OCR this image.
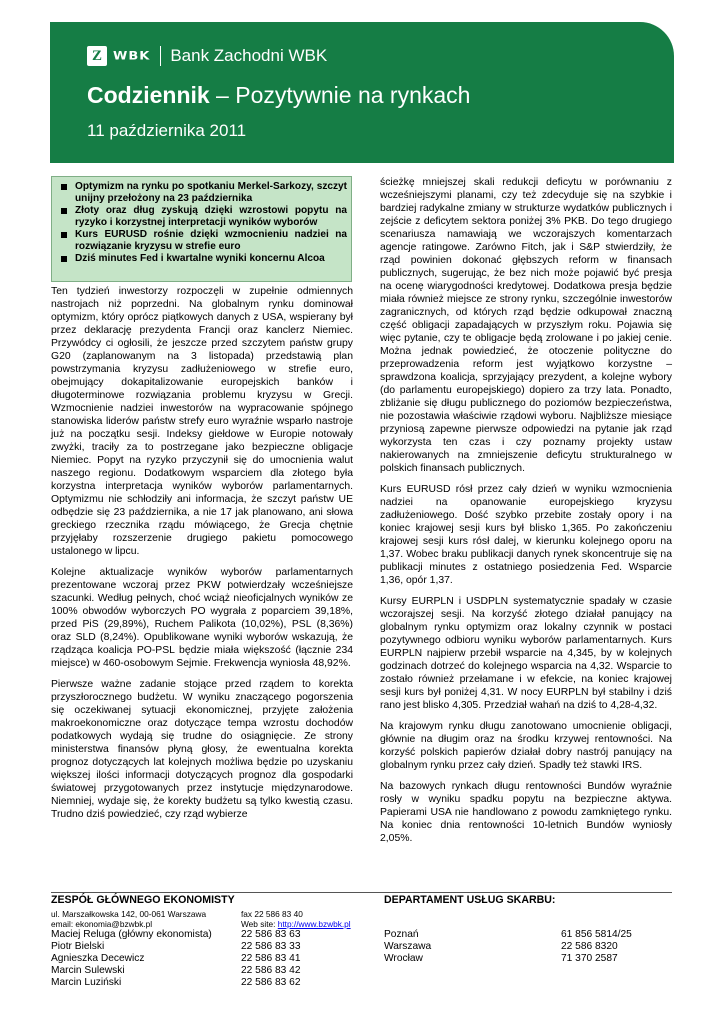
Z WBK Bank Zachodni WBK
Codziennik – Pozytywnie na rynkach
11 października 2011
Optymizm na rynku po spotkaniu Merkel-Sarkozy, szczyt unijny przełożony na 23 października
Złoty oraz dług zyskują dzięki wzrostowi popytu na ryzyko i korzystnej interpretacji wyników wyborów
Kurs EURUSD rośnie dzięki wzmocnieniu nadziei na rozwiązanie kryzysu w strefie euro
Dziś minutes Fed i kwartalne wyniki koncernu Alcoa

Ten tydzień inwestorzy rozpoczęli w zupełnie odmiennych nastrojach niż poprzedni. Na globalnym rynku dominował optymizm, który oprócz piątkowych danych z USA, wspierany był przez deklarację prezydenta Francji oraz kanclerz Niemiec. Przywódcy ci ogłosili, że jeszcze przed szczytem państw grupy G20 (zaplanowanym na 3 listopada) przedstawią plan powstrzymania kryzysu zadłużeniowego w strefie euro, obejmujący dokapitalizowanie europejskich banków i długoterminowe rozwiązania problemu kryzysu w Grecji. Wzmocnienie nadziei inwestorów na wypracowanie spójnego stanowiska liderów państw strefy euro wyraźnie wsparło nastroje już na początku sesji. Indeksy giełdowe w Europie notowały zwyżki, traciły za to postrzegane jako bezpieczne obligacje Niemiec. Popyt na ryzyko przyczynił się do umocnienia walut naszego regionu. Dodatkowym wsparciem dla złotego była korzystna interpretacja wyników wyborów parlamentarnych. Optymizmu nie schłodziły ani informacja, że szczyt państw UE odbędzie się 23 października, a nie 17 jak planowano, ani słowa greckiego rzecznika rządu mówiącego, że Grecja chętnie przyjęłaby rozszerzenie drugiego pakietu pomocowego ustalonego w lipcu.

Kolejne aktualizacje wyników wyborów parlamentarnych prezentowane wczoraj przez PKW potwierdzały wcześniejsze szacunki. Według pełnych, choć wciąż nieoficjalnych wyników ze 100% obwodów wyborczych PO wygrała z poparciem 39,18%, przed PiS (29,89%), Ruchem Palikota (10,02%), PSL (8,36%) oraz SLD (8,24%). Opublikowane wyniki wyborów wskazują, że rządząca koalicja PO-PSL będzie miała większość (łącznie 234 miejsce) w 460-osobowym Sejmie. Frekwencja wyniosła 48,92%.

Pierwsze ważne zadanie stojące przed rządem to korekta przyszłorocznego budżetu. W wyniku znaczącego pogorszenia się oczekiwanej sytuacji ekonomicznej, przyjęte założenia makroekonomiczne oraz dotyczące tempa wzrostu dochodów podatkowych wydają się trudne do osiągnięcie. Ze strony ministerstwa finansów płyną głosy, że ewentualna korekta prognoz dotyczących lat kolejnych możliwa będzie po uzyskaniu większej ilości informacji dotyczących prognoz dla gospodarki światowej przygotowanych przez instytucje międzynarodowe. Niemniej, wydaje się, że korekty budżetu są tylko kwestią czasu. Trudno dziś powiedzieć, czy rząd wybierze

ścieżkę mniejszej skali redukcji deficytu w porównaniu z wcześniejszymi planami, czy też zdecyduje się na szybkie i bardziej radykalne zmiany w strukturze wydatków publicznych i zejście z deficytem sektora poniżej 3% PKB. Do tego drugiego scenariusza namawiają we wczorajszych komentarzach agencje ratingowe. Zarówno Fitch, jak i S&P stwierdziły, że rząd powinien dokonać głębszych reform w finansach publicznych, sugerując, że bez nich może pojawić być presja na ocenę wiarygodności kredytowej. Dodatkowa presja będzie miała również miejsce ze strony rynku, szczególnie inwestorów zagranicznych, od których rząd będzie odkupował znaczną część obligacji zapadających w przyszłym roku. Pojawia się więc pytanie, czy te obligacje będą zrolowane i po jakiej cenie. Można jednak powiedzieć, że otoczenie polityczne do przeprowadzenia reform jest wyjątkowo korzystne – sprawdzona koalicja, sprzyjający prezydent, a kolejne wybory (do parlamentu europejskiego) dopiero za trzy lata. Ponadto, zbliżanie się długu publicznego do poziomów bezpieczeństwa, nie pozostawia właściwie rządowi wyboru. Najbliższe miesiące przyniosą zapewne pierwsze odpowiedzi na pytanie jak rząd wykorzysta ten czas i czy poznamy projekty ustaw nakierowanych na zmniejszenie deficytu strukturalnego w polskich finansach publicznych.

Kurs EURUSD rósł przez cały dzień w wyniku wzmocnienia nadziei na opanowanie europejskiego kryzysu zadłużeniowego. Dość szybko przebite zostały opory i na koniec krajowej sesji kurs był blisko 1,365. Po zakończeniu krajowej sesji kurs rósł dalej, w kierunku kolejnego oporu na 1,37. Wobec braku publikacji danych rynek skoncentruje się na publikacji minutes z ostatniego posiedzenia Fed. Wsparcie 1,36, opór 1,37.

Kursy EURPLN i USDPLN systematycznie spadały w czasie wczorajszej sesji. Na korzyść złotego działał panujący na globalnym rynku optymizm oraz lokalny czynnik w postaci pozytywnego odbioru wyniku wyborów parlamentarnych. Kurs EURPLN najpierw przebił wsparcie na 4,345, by w kolejnych godzinach dotrzeć do kolejnego wsparcia na 4,32. Wsparcie to zostało również przełamane i w efekcie, na koniec krajowej sesji kurs był poniżej 4,31. W nocy EURPLN był stabilny i dziś rano jest blisko 4,305. Przedział wahań na dziś to 4,28-4,32.

Na krajowym rynku długu zanotowano umocnienie obligacji, głównie na długim oraz na środku krzywej rentowności. Na korzyść polskich papierów działał dobry nastrój panujący na globalnym rynku przez cały dzień. Spadły też stawki IRS.

Na bazowych rynkach długu rentowności Bundów wyraźnie rosły w wyniku spadku popytu na bezpieczne aktywa. Papierami USA nie handlowano z powodu zamkniętego rynku. Na koniec dnia rentowności 10-letnich Bundów wyniosły 2,05%.

ZESPÓŁ GŁÓWNEGO EKONOMISTY
ul. Marszałkowska 142, 00-061 Warszawa
email: ekonomia@bzwbk.pl
fax 22 586 83 40
Web site: http://www.bzwbk.pl
Maciej Reluga (główny ekonomista)	22 586 83 63
Piotr Bielski	22 586 83 33
Agnieszka Decewicz	22 586 83 41
Marcin Sulewski	22 586 83 42
Marcin Luziński	22 586 83 62
DEPARTAMENT USŁUG SKARBU:
Poznań	61 856 5814/25
Warszawa	22 586 8320
Wrocław	71 370 2587
